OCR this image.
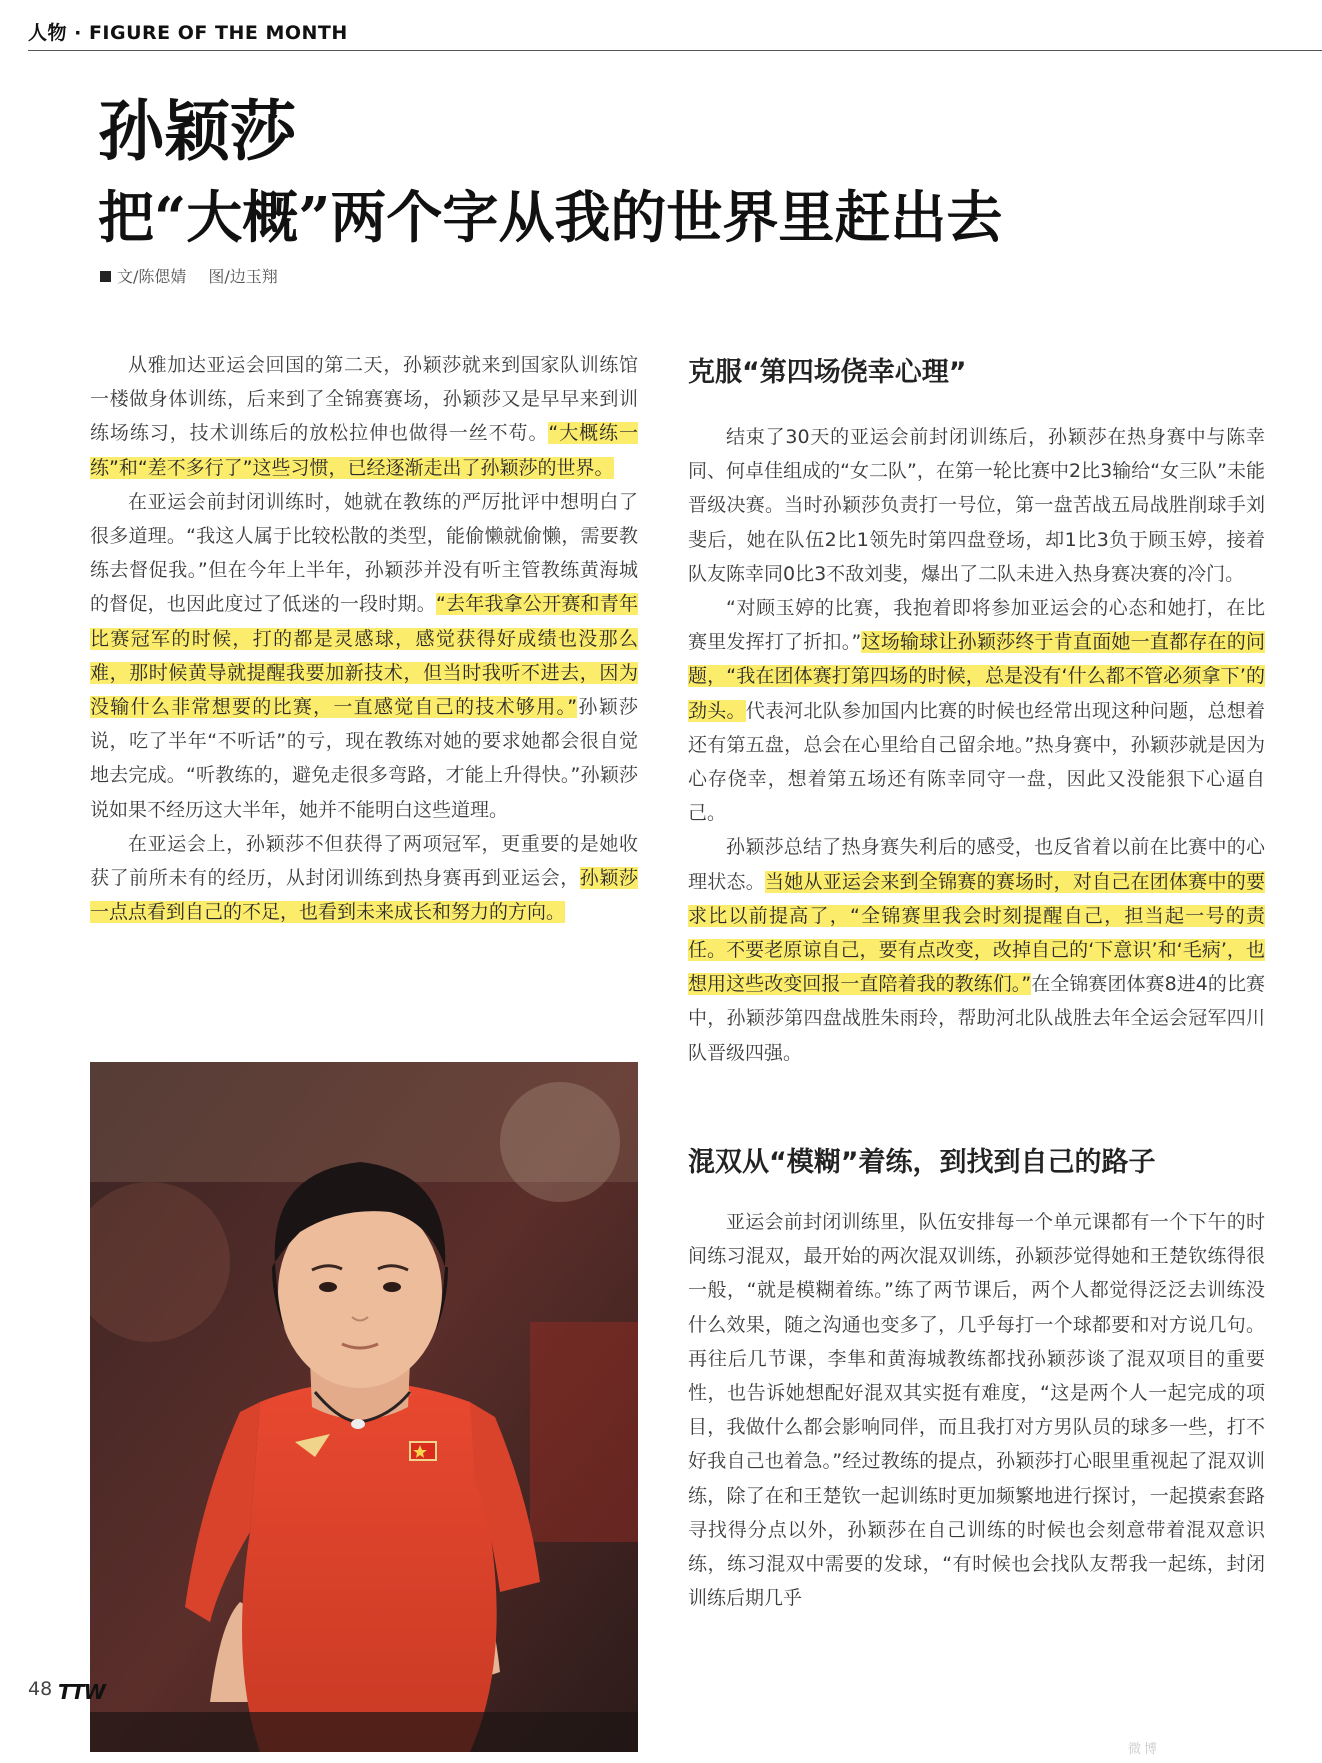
人物 · FIGURE OF THE MONTH
孙颖莎
把“大概”两个字从我的世界里赶出去
文/陈偲婧 图/边玉翔

从雅加达亚运会回国的第二天，孙颖莎就来到国家队训练馆一楼做身体训练，后来到了全锦赛赛场，孙颖莎又是早早来到训练场练习，技术训练后的放松拉伸也做得一丝不苟。“大概练一练”和“差不多行了”这些习惯，已经逐渐走出了孙颖莎的世界。

在亚运会前封闭训练时，她就在教练的严厉批评中想明白了很多道理。“我这人属于比较松散的类型，能偷懒就偷懒，需要教练去督促我。”但在今年上半年，孙颖莎并没有听主管教练黄海城的督促，也因此度过了低迷的一段时期。“去年我拿公开赛和青年比赛冠军的时候，打的都是灵感球，感觉获得好成绩也没那么难，那时候黄导就提醒我要加新技术，但当时我听不进去，因为没输什么非常想要的比赛，一直感觉自己的技术够用。”孙颖莎说，吃了半年“不听话”的亏，现在教练对她的要求她都会很自觉地去完成。“听教练的，避免走很多弯路，才能上升得快。”孙颖莎说如果不经历这大半年，她并不能明白这些道理。

在亚运会上，孙颖莎不但获得了两项冠军，更重要的是她收获了前所未有的经历，从封闭训练到热身赛再到亚运会，孙颖莎一点点看到自己的不足，也看到未来成长和努力的方向。

克服“第四场侥幸心理”

结束了30天的亚运会前封闭训练后，孙颖莎在热身赛中与陈幸同、何卓佳组成的“女二队”，在第一轮比赛中2比3输给“女三队”未能晋级决赛。当时孙颖莎负责打一号位，第一盘苦战五局战胜削球手刘斐后，她在队伍2比1领先时第四盘登场，却1比3负于顾玉婷，接着队友陈幸同0比3不敌刘斐，爆出了二队未进入热身赛决赛的冷门。

“对顾玉婷的比赛，我抱着即将参加亚运会的心态和她打，在比赛里发挥打了折扣。”这场输球让孙颖莎终于肯直面她一直都存在的问题，“我在团体赛打第四场的时候，总是没有‘什么都不管必须拿下’的劲头。代表河北队参加国内比赛的时候也经常出现这种问题，总想着还有第五盘，总会在心里给自己留余地。”热身赛中，孙颖莎就是因为心存侥幸，想着第五场还有陈幸同守一盘，因此又没能狠下心逼自己。

孙颖莎总结了热身赛失利后的感受，也反省着以前在比赛中的心理状态。当她从亚运会来到全锦赛的赛场时，对自己在团体赛中的要求比以前提高了，“全锦赛里我会时刻提醒自己，担当起一号的责任。不要老原谅自己，要有点改变，改掉自己的‘下意识’和‘毛病’，也想用这些改变回报一直陪着我的教练们。”在全锦赛团体赛8进4的比赛中，孙颖莎第四盘战胜朱雨玲，帮助河北队战胜去年全运会冠军四川队晋级四强。

混双从“模糊”着练，到找到自己的路子

亚运会前封闭训练里，队伍安排每一个单元课都有一个下午的时间练习混双，最开始的两次混双训练，孙颖莎觉得她和王楚钦练得很一般，“就是模糊着练。”练了两节课后，两个人都觉得泛泛去训练没什么效果，随之沟通也变多了，几乎每打一个球都要和对方说几句。再往后几节课，李隼和黄海城教练都找孙颖莎谈了混双项目的重要性，也告诉她想配好混双其实挺有难度，“这是两个人一起完成的项目，我做什么都会影响同伴，而且我打对方男队员的球多一些，打不好我自己也着急。”经过教练的提点，孙颖莎打心眼里重视起了混双训练，除了在和王楚钦一起训练时更加频繁地进行探讨，一起摸索套路寻找得分点以外，孙颖莎在自己训练的时候也会刻意带着混双意识练，练习混双中需要的发球，“有时候也会找队友帮我一起练，封闭训练后期几乎

48 TTW
微博
